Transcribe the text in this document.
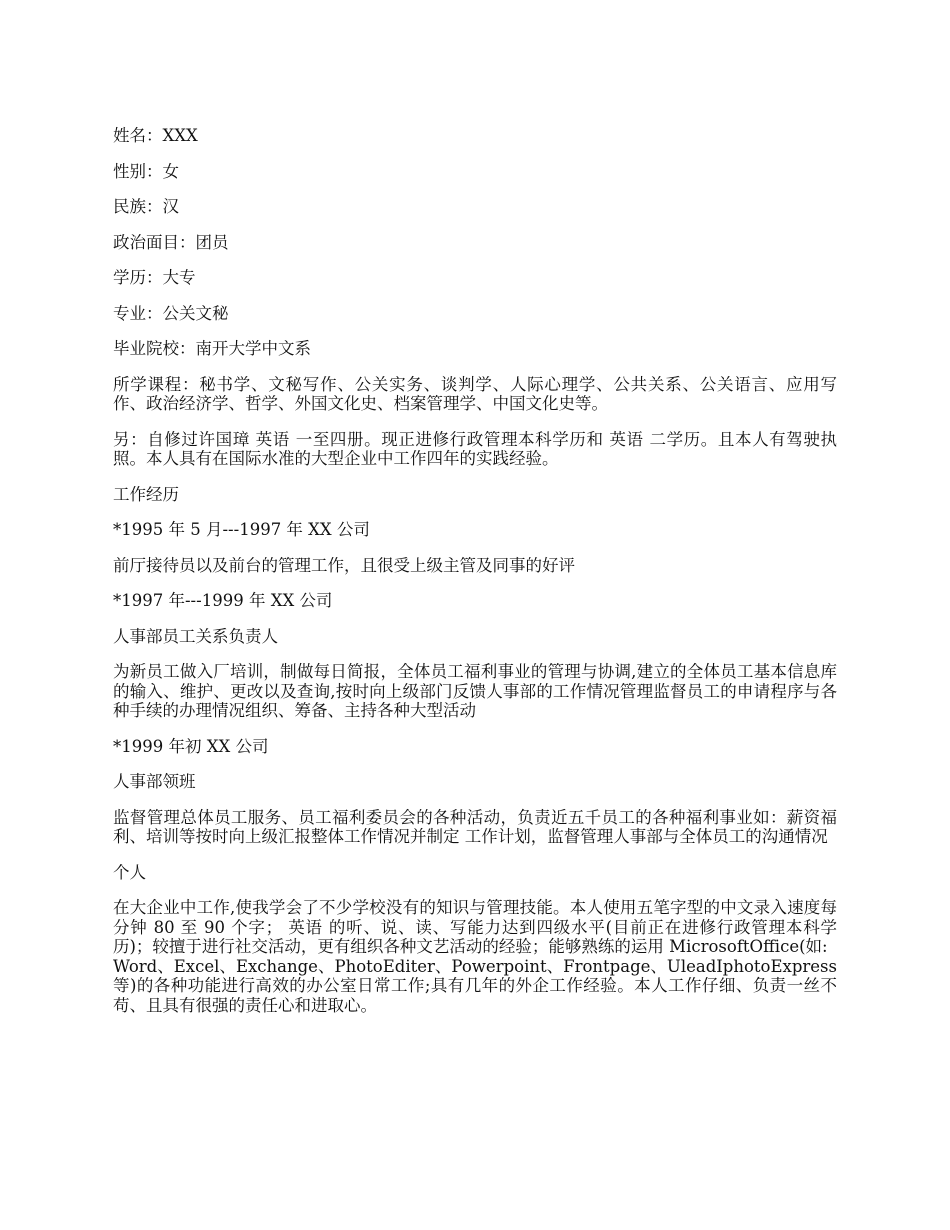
姓名：XXX

性别：女

民族：汉

政治面目：团员

学历：大专

专业：公关文秘

毕业院校：南开大学中文系

所学课程：秘书学、文秘写作、公关实务、谈判学、人际心理学、公共关系、公关语言、应用写作、政治经济学、哲学、外国文化史、档案管理学、中国文化史等。

另：自修过许国璋 英语 一至四册。现正进修行政管理本科学历和 英语 二学历。且本人有驾驶执照。本人具有在国际水准的大型企业中工作四年的实践经验。

工作经历

*1995 年 5 月---1997 年 XX 公司

前厅接待员以及前台的管理工作，且很受上级主管及同事的好评

*1997 年---1999 年 XX 公司

人事部员工关系负责人

为新员工做入厂培训，制做每日简报，全体员工福利事业的管理与协调,建立的全体员工基本信息库的输入、维护、更改以及查询,按时向上级部门反馈人事部的工作情况管理监督员工的申请程序与各种手续的办理情况组织、筹备、主持各种大型活动

*1999 年初 XX 公司

人事部领班

监督管理总体员工服务、员工福利委员会的各种活动，负责近五千员工的各种福利事业如：薪资福利、培训等按时向上级汇报整体工作情况并制定 工作计划，监督管理人事部与全体员工的沟通情况

个人

在大企业中工作,使我学会了不少学校没有的知识与管理技能。本人使用五笔字型的中文录入速度每分钟 80 至 90 个字； 英语 的听、说、读、写能力达到四级水平(目前正在进修行政管理本科学历)；较擅于进行社交活动，更有组织各种文艺活动的经验；能够熟练的运用 MicrosoftOffice(如:
Word、Excel、Exchange、PhotoEditer、Powerpoint、Frontpage、UleadIphotoExpress等)的各种功能进行高效的办公室日常工作;具有几年的外企工作经验。本人工作仔细、负责一丝不苟、且具有很强的责任心和进取心。
